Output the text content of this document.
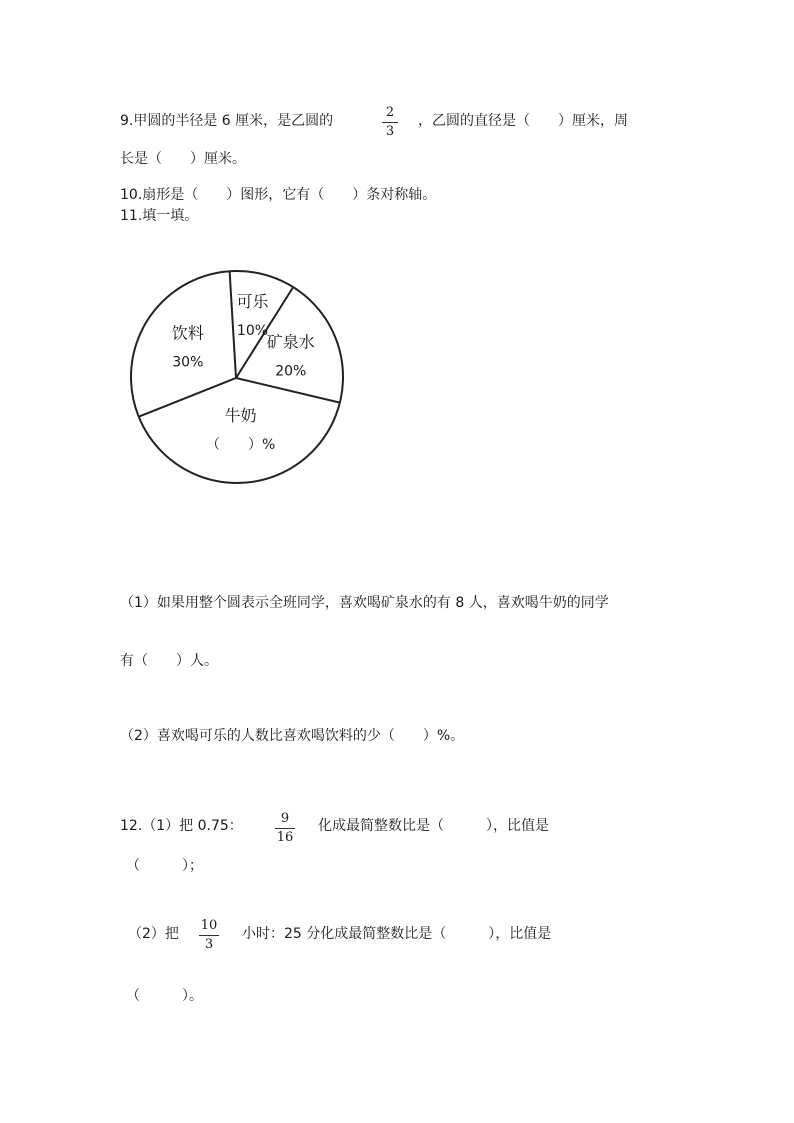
9.甲圆的半径是 6 厘米，是乙圆的
2
3
，乙圆的直径是（　　）厘米，周
长是（　　）厘米。
10.扇形是（　　）图形，它有（　　）条对称轴。
11.填一填。
可乐
10%
矿泉水
20%
牛奶
（　　）%
饮料
30%
（1）如果用整个圆表示全班同学，喜欢喝矿泉水的有 8 人，喜欢喝牛奶的同学
有（　　）人。
（2）喜欢喝可乐的人数比喜欢喝饮料的少（　　）%。
12.（1）把 0.75：	9
16
化成最简整数比是（　　　），比值是
（　　　）；
（2）把
10
3
小时：25 分化成最简整数比是（　　　），比值是
（　　　）。
